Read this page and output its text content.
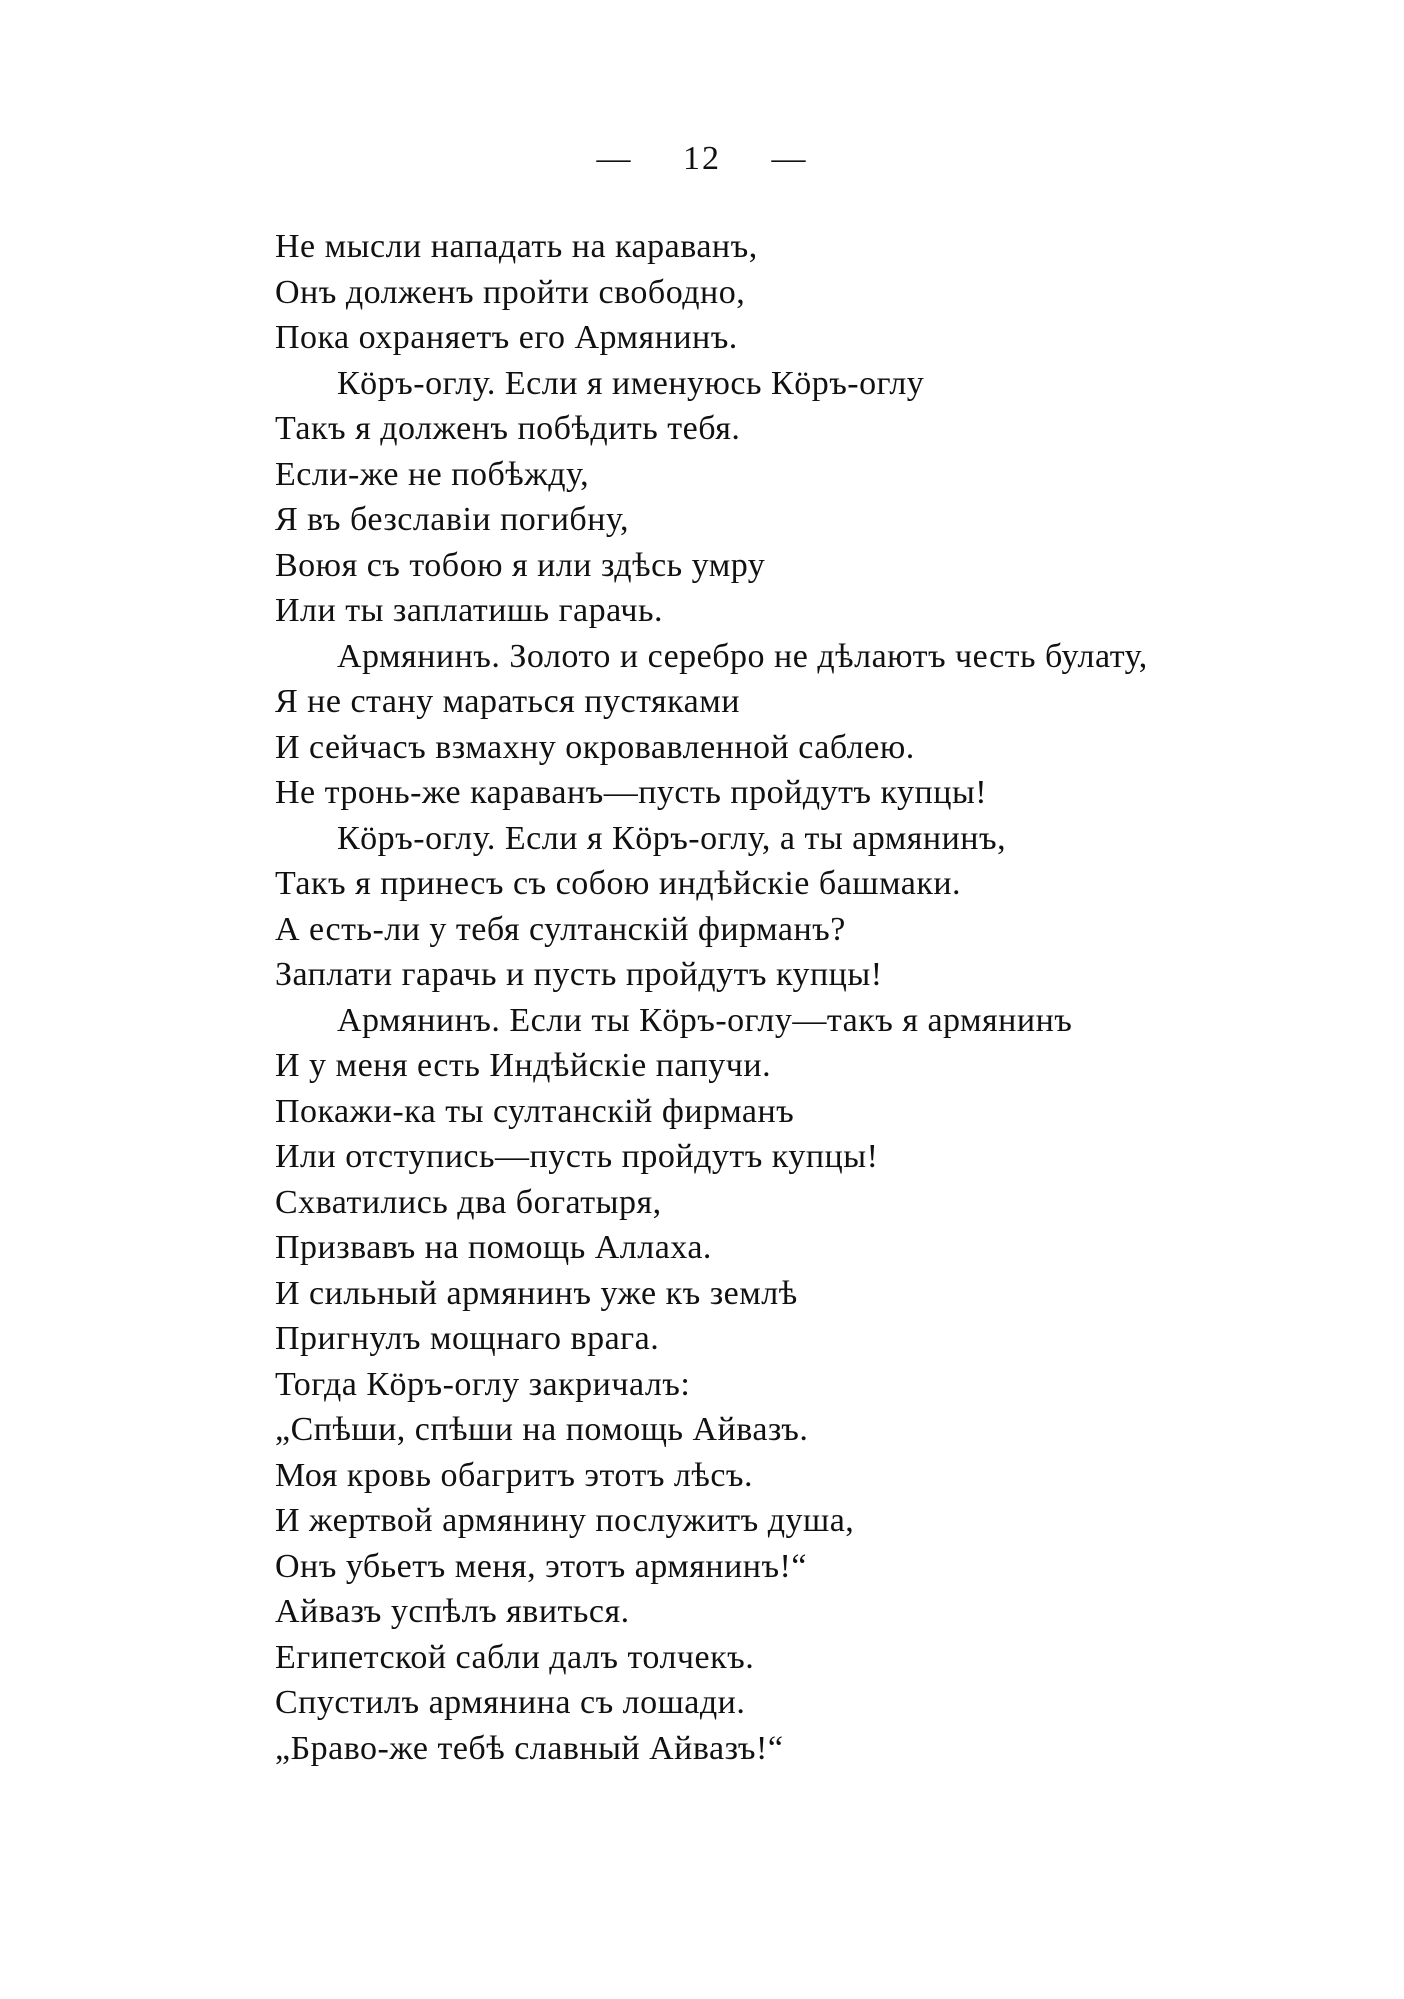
— 12 —
Не мысли нападать на караванъ,
Онъ долженъ пройти свободно,
Пока охраняетъ его Армянинъ.
Кöръ-оглу. Если я именуюсь Кöръ-оглу
Такъ я долженъ побѣдить тебя.
Если-же не побѣжду,
Я въ безславіи погибну,
Воюя съ тобою я или здѣсь умру
Или ты заплатишь гарачь.
Армянинъ. Золото и серебро не дѣлаютъ честь булату,
Я не стану мараться пустяками
И сейчасъ взмахну окровавленной саблею.
Не тронь-же караванъ—пусть пройдутъ купцы!
Кöръ-оглу. Если я Кöръ-оглу, а ты армянинъ,
Такъ я принесъ съ собою индѣйскіе башмаки.
А есть-ли у тебя султанскій фирманъ?
Заплати гарачь и пусть пройдутъ купцы!
Армянинъ. Если ты Кöръ-оглу—такъ я армянинъ
И у меня есть Индѣйскіе папучи.
Покажи-ка ты султанскій фирманъ
Или отступись—пусть пройдутъ купцы!
Схватились два богатыря,
Призвавъ на помощь Аллаха.
И сильный армянинъ уже къ землѣ
Пригнулъ мощнаго врага.
Тогда Кöръ-оглу закричалъ:
„Спѣши, спѣши на помощь Айвазъ.
Моя кровь обагритъ этотъ лѣсъ.
И жертвой армянину послужитъ душа,
Онъ убьетъ меня, этотъ армянинъ!“
Айвазъ успѣлъ явиться.
Египетской сабли далъ толчекъ.
Спустилъ армянина съ лошади.
„Браво-же тебѣ славный Айвазъ!“
